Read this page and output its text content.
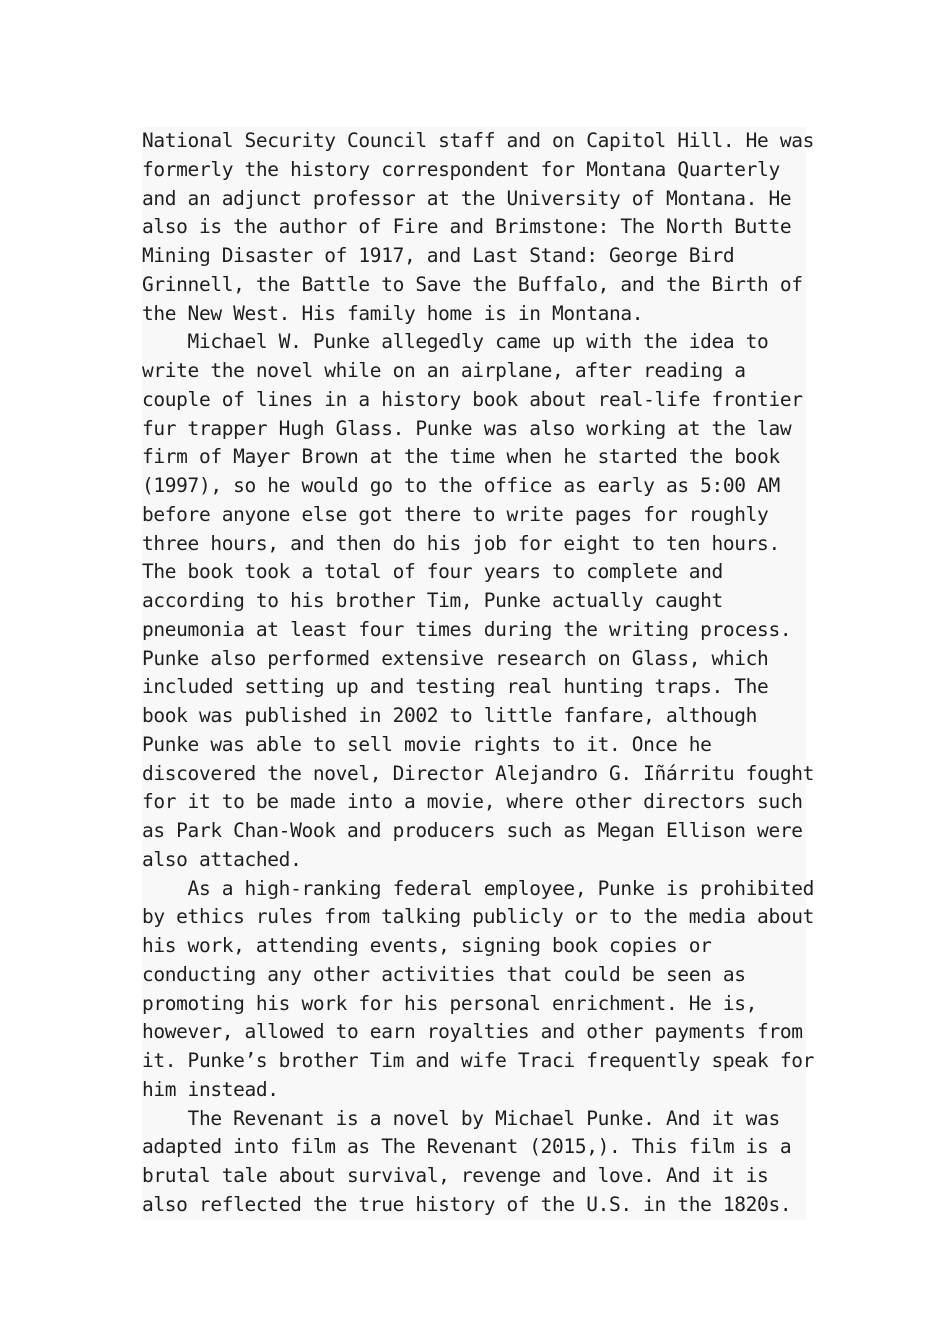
National Security Council staff and on Capitol Hill. He was
formerly the history correspondent for Montana Quarterly
and an adjunct professor at the University of Montana. He
also is the author of Fire and Brimstone: The North Butte
Mining Disaster of 1917, and Last Stand: George Bird
Grinnell, the Battle to Save the Buffalo, and the Birth of
the New West. His family home is in Montana.

Michael W. Punke allegedly came up with the idea to
write the novel while on an airplane, after reading a
couple of lines in a history book about real-life frontier
fur trapper Hugh Glass. Punke was also working at the law
firm of Mayer Brown at the time when he started the book
(1997), so he would go to the office as early as 5:00 AM
before anyone else got there to write pages for roughly
three hours, and then do his job for eight to ten hours.
The book took a total of four years to complete and
according to his brother Tim, Punke actually caught
pneumonia at least four times during the writing process.
Punke also performed extensive research on Glass, which
included setting up and testing real hunting traps. The
book was published in 2002 to little fanfare, although
Punke was able to sell movie rights to it. Once he
discovered the novel, Director Alejandro G. Iñárritu fought
for it to be made into a movie, where other directors such
as Park Chan-Wook and producers such as Megan Ellison were
also attached.

As a high-ranking federal employee, Punke is prohibited
by ethics rules from talking publicly or to the media about
his work, attending events, signing book copies or
conducting any other activities that could be seen as
promoting his work for his personal enrichment. He is,
however, allowed to earn royalties and other payments from
it. Punke’s brother Tim and wife Traci frequently speak for
him instead.

The Revenant is a novel by Michael Punke. And it was
adapted into film as The Revenant (2015,). This film is a
brutal tale about survival, revenge and love. And it is
also reflected the true history of the U.S. in the 1820s.
